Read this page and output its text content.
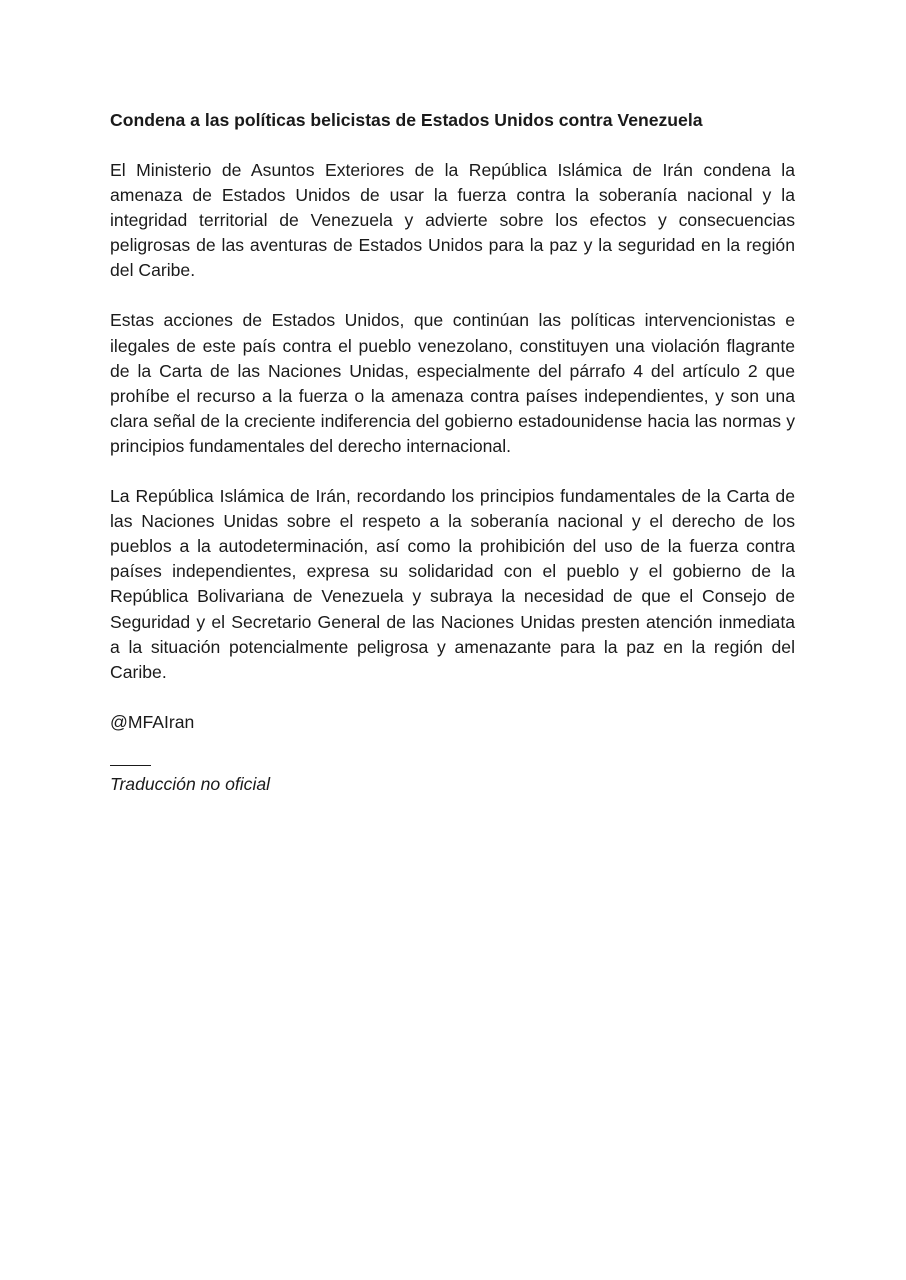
Condena a las políticas belicistas de Estados Unidos contra Venezuela

El Ministerio de Asuntos Exteriores de la República Islámica de Irán condena la amenaza de Estados Unidos de usar la fuerza contra la soberanía nacional y la integridad territorial de Venezuela y advierte sobre los efectos y consecuencias peligrosas de las aventuras de Estados Unidos para la paz y la seguridad en la región del Caribe.

Estas acciones de Estados Unidos, que continúan las políticas intervencionistas e ilegales de este país contra el pueblo venezolano, constituyen una violación flagrante de la Carta de las Naciones Unidas, especialmente del párrafo 4 del artículo 2 que prohíbe el recurso a la fuerza o la amenaza contra países independientes, y son una clara señal de la creciente indiferencia del gobierno estadounidense hacia las normas y principios fundamentales del derecho internacional.

La República Islámica de Irán, recordando los principios fundamentales de la Carta de las Naciones Unidas sobre el respeto a la soberanía nacional y el derecho de los pueblos a la autodeterminación, así como la prohibición del uso de la fuerza contra países independientes, expresa su solidaridad con el pueblo y el gobierno de la República Bolivariana de Venezuela y subraya la necesidad de que el Consejo de Seguridad y el Secretario General de las Naciones Unidas presten atención inmediata a la situación potencialmente peligrosa y amenazante para la paz en la región del Caribe.

@MFAIran

Traducción no oficial
